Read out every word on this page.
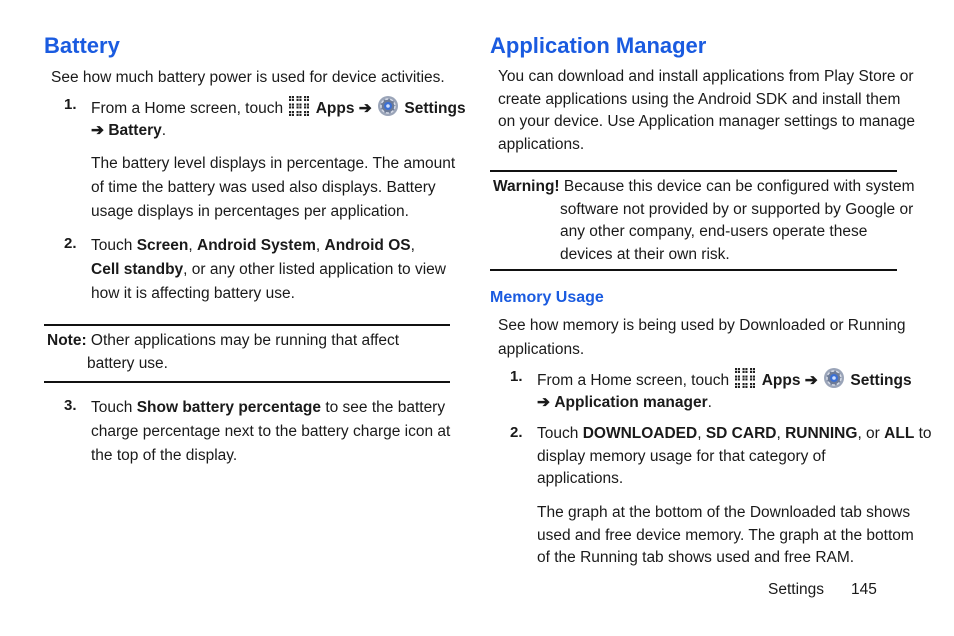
Battery
See how much battery power is used for device activities.
1. From a Home screen, touch Apps ➔ Settings
➔ Battery.
The battery level displays in percentage. The amount
of time the battery was used also displays. Battery
usage displays in percentages per application.
2. Touch Screen, Android System, Android OS,
Cell standby, or any other listed application to view
how it is affecting battery use.
Note: Other applications may be running that affect
battery use.
3. Touch Show battery percentage to see the battery
charge percentage next to the battery charge icon at
the top of the display.
Application Manager
You can download and install applications from Play Store or
create applications using the Android SDK and install them
on your device. Use Application manager settings to manage
applications.
Warning! Because this device can be configured with system
software not provided by or supported by Google or
any other company, end-users operate these
devices at their own risk.
Memory Usage
See how memory is being used by Downloaded or Running
applications.
1. From a Home screen, touch Apps ➔ Settings
➔ Application manager.
2. Touch DOWNLOADED, SD CARD, RUNNING, or ALL to
display memory usage for that category of
applications.
The graph at the bottom of the Downloaded tab shows
used and free device memory. The graph at the bottom
of the Running tab shows used and free RAM.
Settings 145
